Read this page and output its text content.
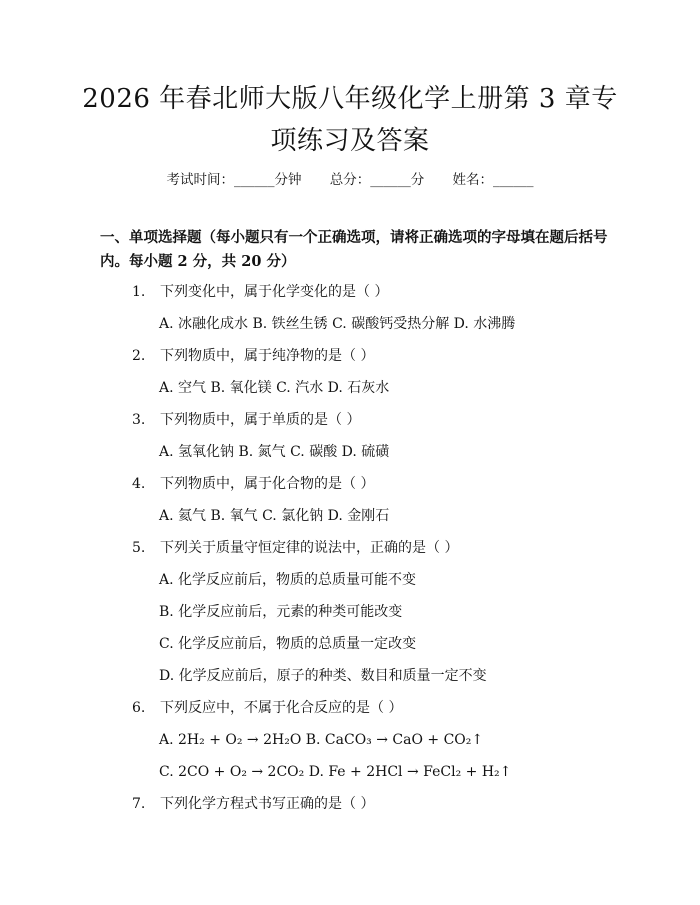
2026 年春北师大版八年级化学上册第 3 章专
项练习及答案
考试时间：______分钟 总分：______分 姓名：______
一、单项选择题（每小题只有一个正确选项，请将正确选项的字母填在题后括号内。每小题 2 分，共 20 分）
1. 下列变化中，属于化学变化的是（ ）
A. 冰融化成水 B. 铁丝生锈 C. 碳酸钙受热分解 D. 水沸腾
2. 下列物质中，属于纯净物的是（ ）
A. 空气 B. 氧化镁 C. 汽水 D. 石灰水
3. 下列物质中，属于单质的是（ ）
A. 氢氧化钠 B. 氮气 C. 碳酸 D. 硫磺
4. 下列物质中，属于化合物的是（ ）
A. 氦气 B. 氧气 C. 氯化钠 D. 金刚石
5. 下列关于质量守恒定律的说法中，正确的是（ ）
A. 化学反应前后，物质的总质量可能不变
B. 化学反应前后，元素的种类可能改变
C. 化学反应前后，物质的总质量一定改变
D. 化学反应前后，原子的种类、数目和质量一定不变
6. 下列反应中，不属于化合反应的是（ ）
A. 2H₂ + O₂ → 2H₂O B. CaCO₃ → CaO + CO₂↑
C. 2CO + O₂ → 2CO₂ D. Fe + 2HCl → FeCl₂ + H₂↑
7. 下列化学方程式书写正确的是（ ）
